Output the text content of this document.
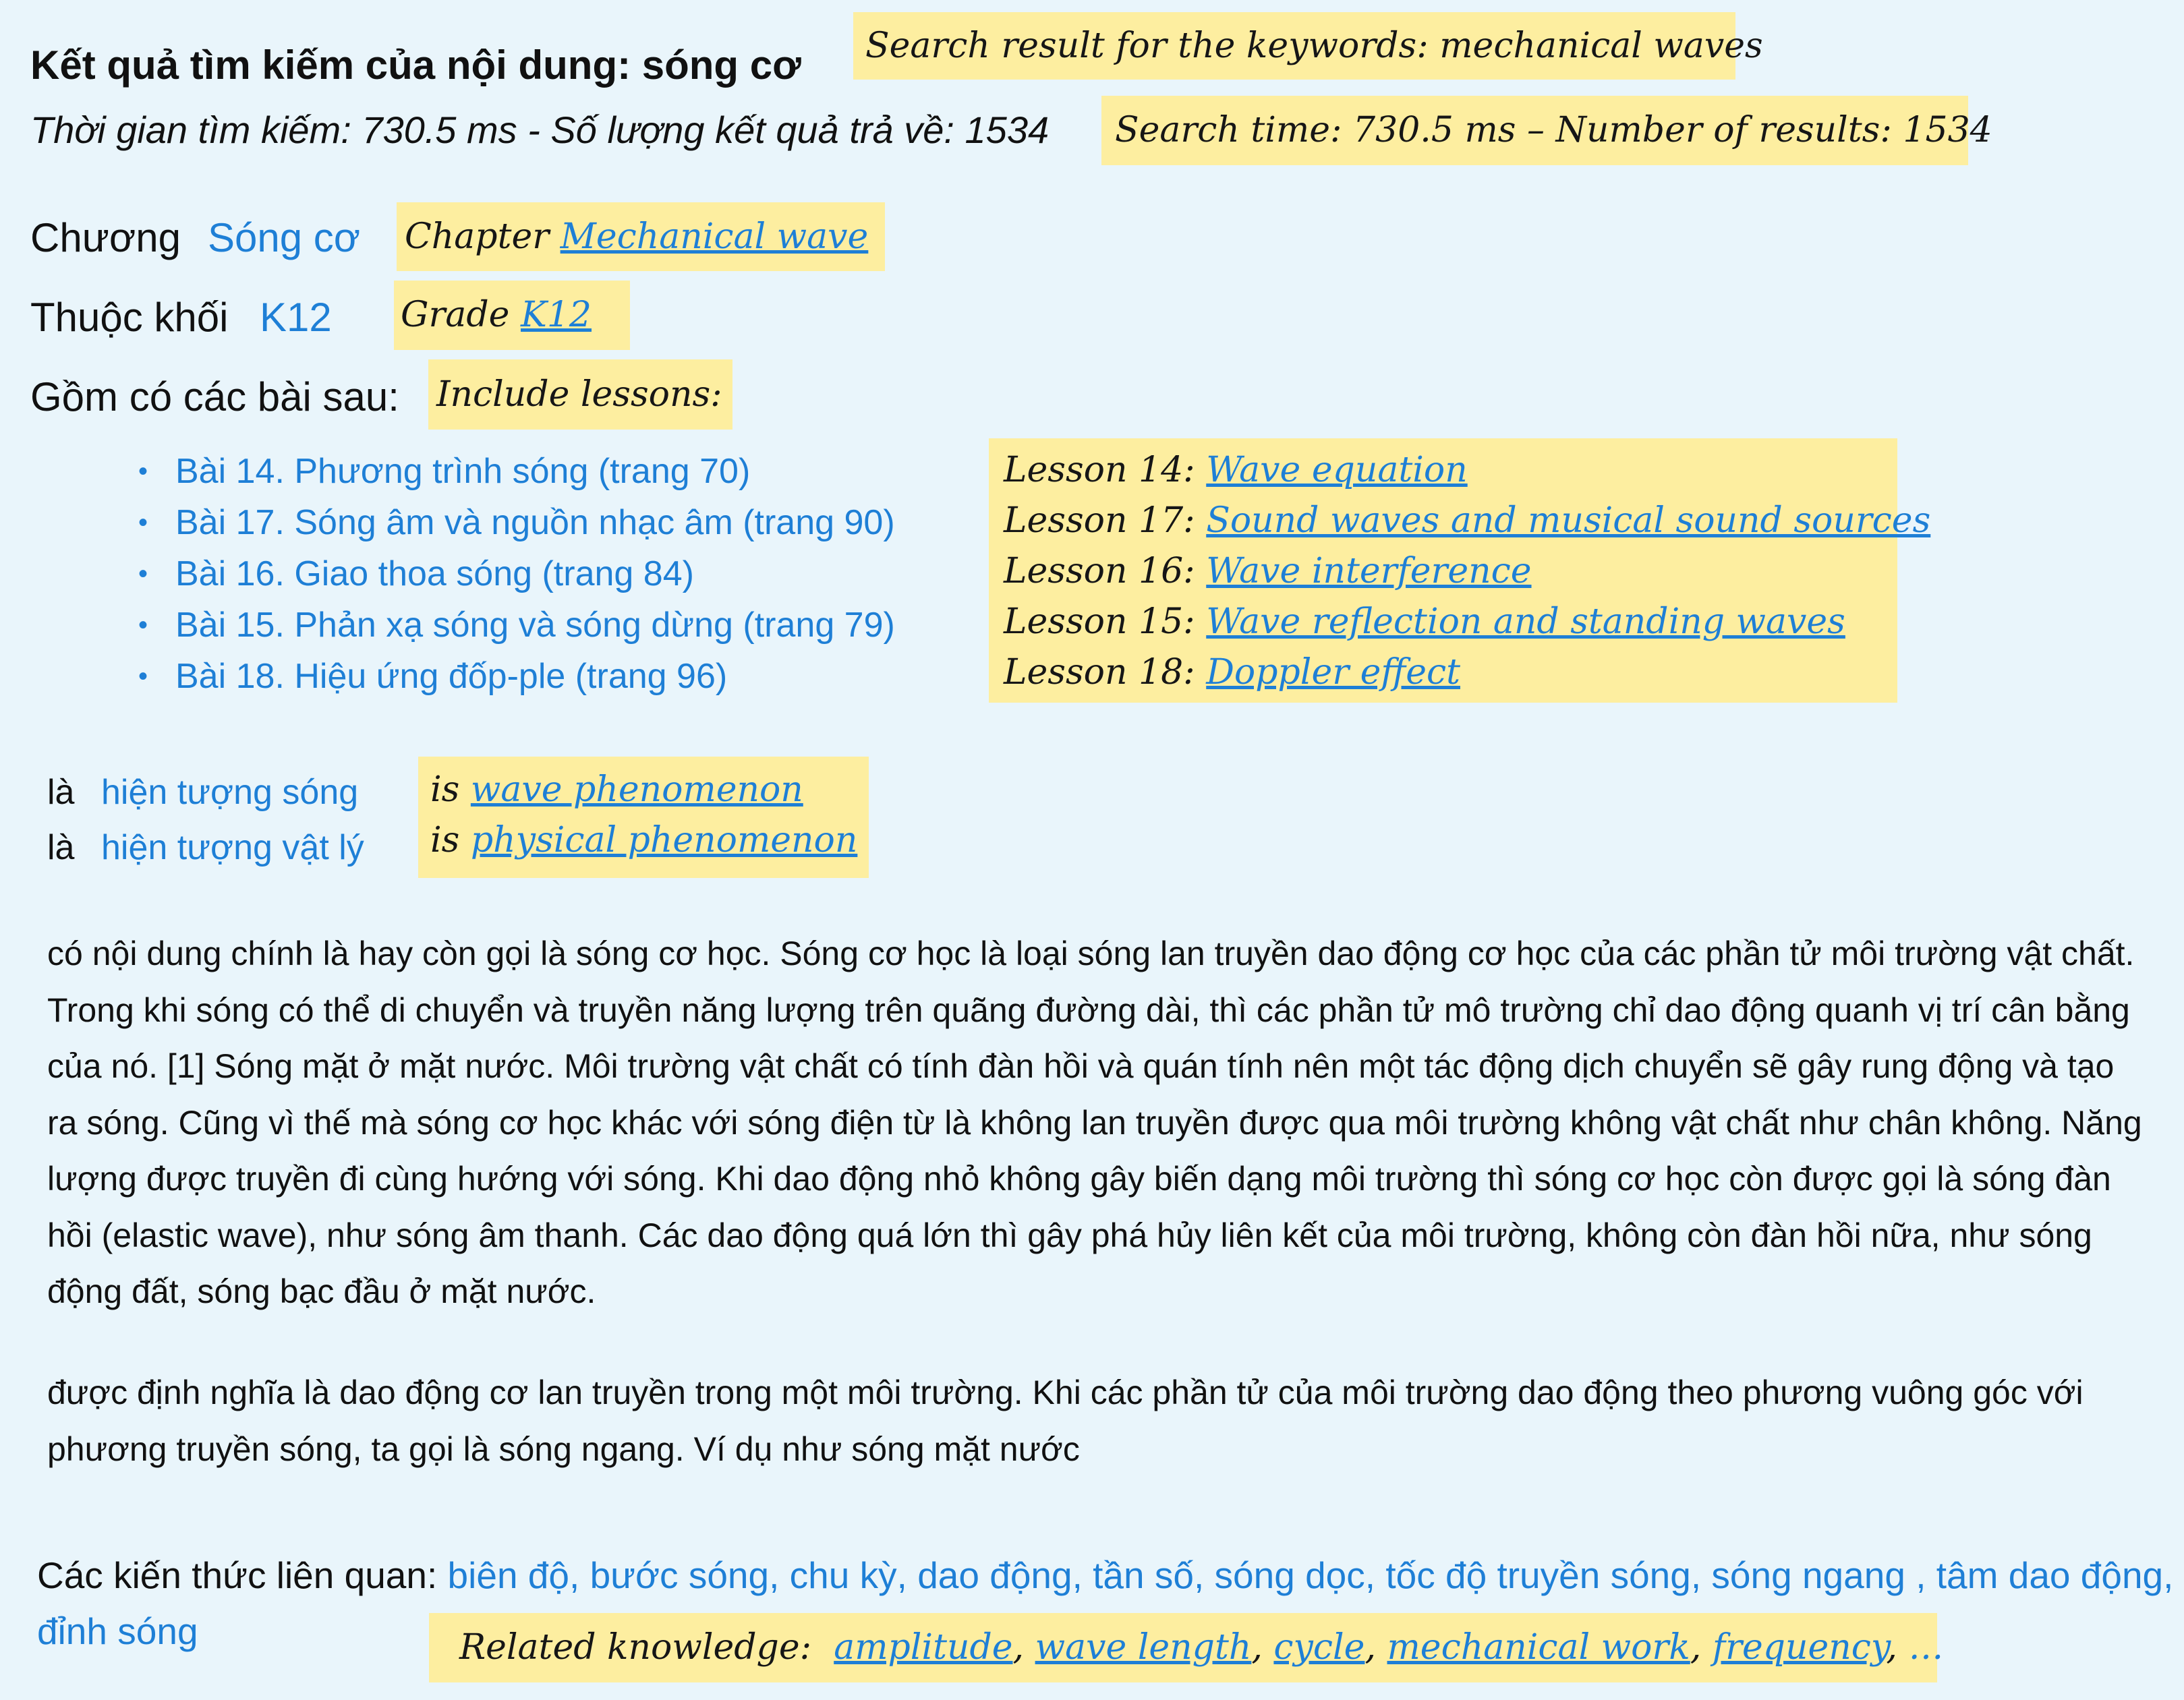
Kết quả tìm kiếm của nội dung: sóng cơ	Search result for the keywords: mechanical waves
Thời gian tìm kiếm: 730.5 ms - Số lượng kết quả trả về: 1534	Search time: 730.5 ms – Number of results: 1534
Chương Sóng cơ Chapter Mechanical wave
Thuộc khối K12 Grade K12
Gồm có các bài sau: Include lessons:
• Bài 14. Phương trình sóng (trang 70)
• Bài 17. Sóng âm và nguồn nhạc âm (trang 90)
• Bài 16. Giao thoa sóng (trang 84)
• Bài 15. Phản xạ sóng và sóng dừng (trang 79)
• Bài 18. Hiệu ứng đốp-ple (trang 96)
Lesson 14: Wave equation
Lesson 17: Sound waves and musical sound sources
Lesson 16: Wave interference
Lesson 15: Wave reflection and standing waves
Lesson 18: Doppler effect
là hiện tượng sóng
là hiện tượng vật lý
is wave phenomenon
is physical phenomenon
có nội dung chính là hay còn gọi là sóng cơ học. Sóng cơ học là loại sóng lan truyền dao động cơ học của các phần tử môi trường vật chất. Trong khi sóng có thể di chuyển và truyền năng lượng trên quãng đường dài, thì các phần tử mô trường chỉ dao động quanh vị trí cân bằng của nó. [1] Sóng mặt ở mặt nước. Môi trường vật chất có tính đàn hồi và quán tính nên một tác động dịch chuyển sẽ gây rung động và tạo ra sóng. Cũng vì thế mà sóng cơ học khác với sóng điện từ là không lan truyền được qua môi trường không vật chất như chân không. Năng lượng được truyền đi cùng hướng với sóng. Khi dao động nhỏ không gây biến dạng môi trường thì sóng cơ học còn được gọi là sóng đàn hồi (elastic wave), như sóng âm thanh. Các dao động quá lớn thì gây phá hủy liên kết của môi trường, không còn đàn hồi nữa, như sóng động đất, sóng bạc đầu ở mặt nước.
được định nghĩa là dao động cơ lan truyền trong một môi trường. Khi các phần tử của môi trường dao động theo phương vuông góc với phương truyền sóng, ta gọi là sóng ngang. Ví dụ như sóng mặt nước
Các kiến thức liên quan: biên độ, bước sóng, chu kỳ, dao động, tần số, sóng dọc, tốc độ truyền sóng, sóng ngang , tâm dao động, đỉnh sóng	Related knowledge: amplitude, wave length, cycle, mechanical work, frequency, …
